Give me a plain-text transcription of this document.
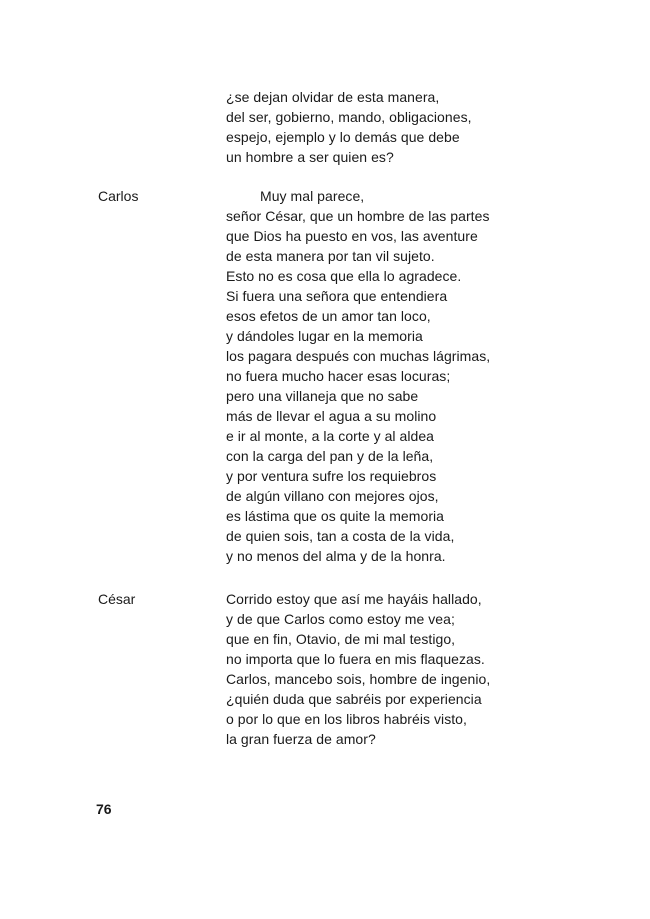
¿se dejan olvidar de esta manera,
del ser, gobierno, mando, obligaciones,
espejo, ejemplo y lo demás que debe
un hombre a ser quien es?

Carlos	Muy mal parece,
señor César, que un hombre de las partes
que Dios ha puesto en vos, las aventure
de esta manera por tan vil sujeto.
Esto no es cosa que ella lo agradece.
Si fuera una señora que entendiera
esos efetos de un amor tan loco,
y dándoles lugar en la memoria
los pagara después con muchas lágrimas,
no fuera mucho hacer esas locuras;
pero una villaneja que no sabe
más de llevar el agua a su molino
e ir al monte, a la corte y al aldea
con la carga del pan y de la leña,
y por ventura sufre los requiebros
de algún villano con mejores ojos,
es lástima que os quite la memoria
de quien sois, tan a costa de la vida,
y no menos del alma y de la honra.

César	Corrido estoy que así me hayáis hallado,
y de que Carlos como estoy me vea;
que en fin, Otavio, de mi mal testigo,
no importa que lo fuera en mis flaquezas.
Carlos, mancebo sois, hombre de ingenio,
¿quién duda que sabréis por experiencia
o por lo que en los libros habréis visto,
la gran fuerza de amor?

76
